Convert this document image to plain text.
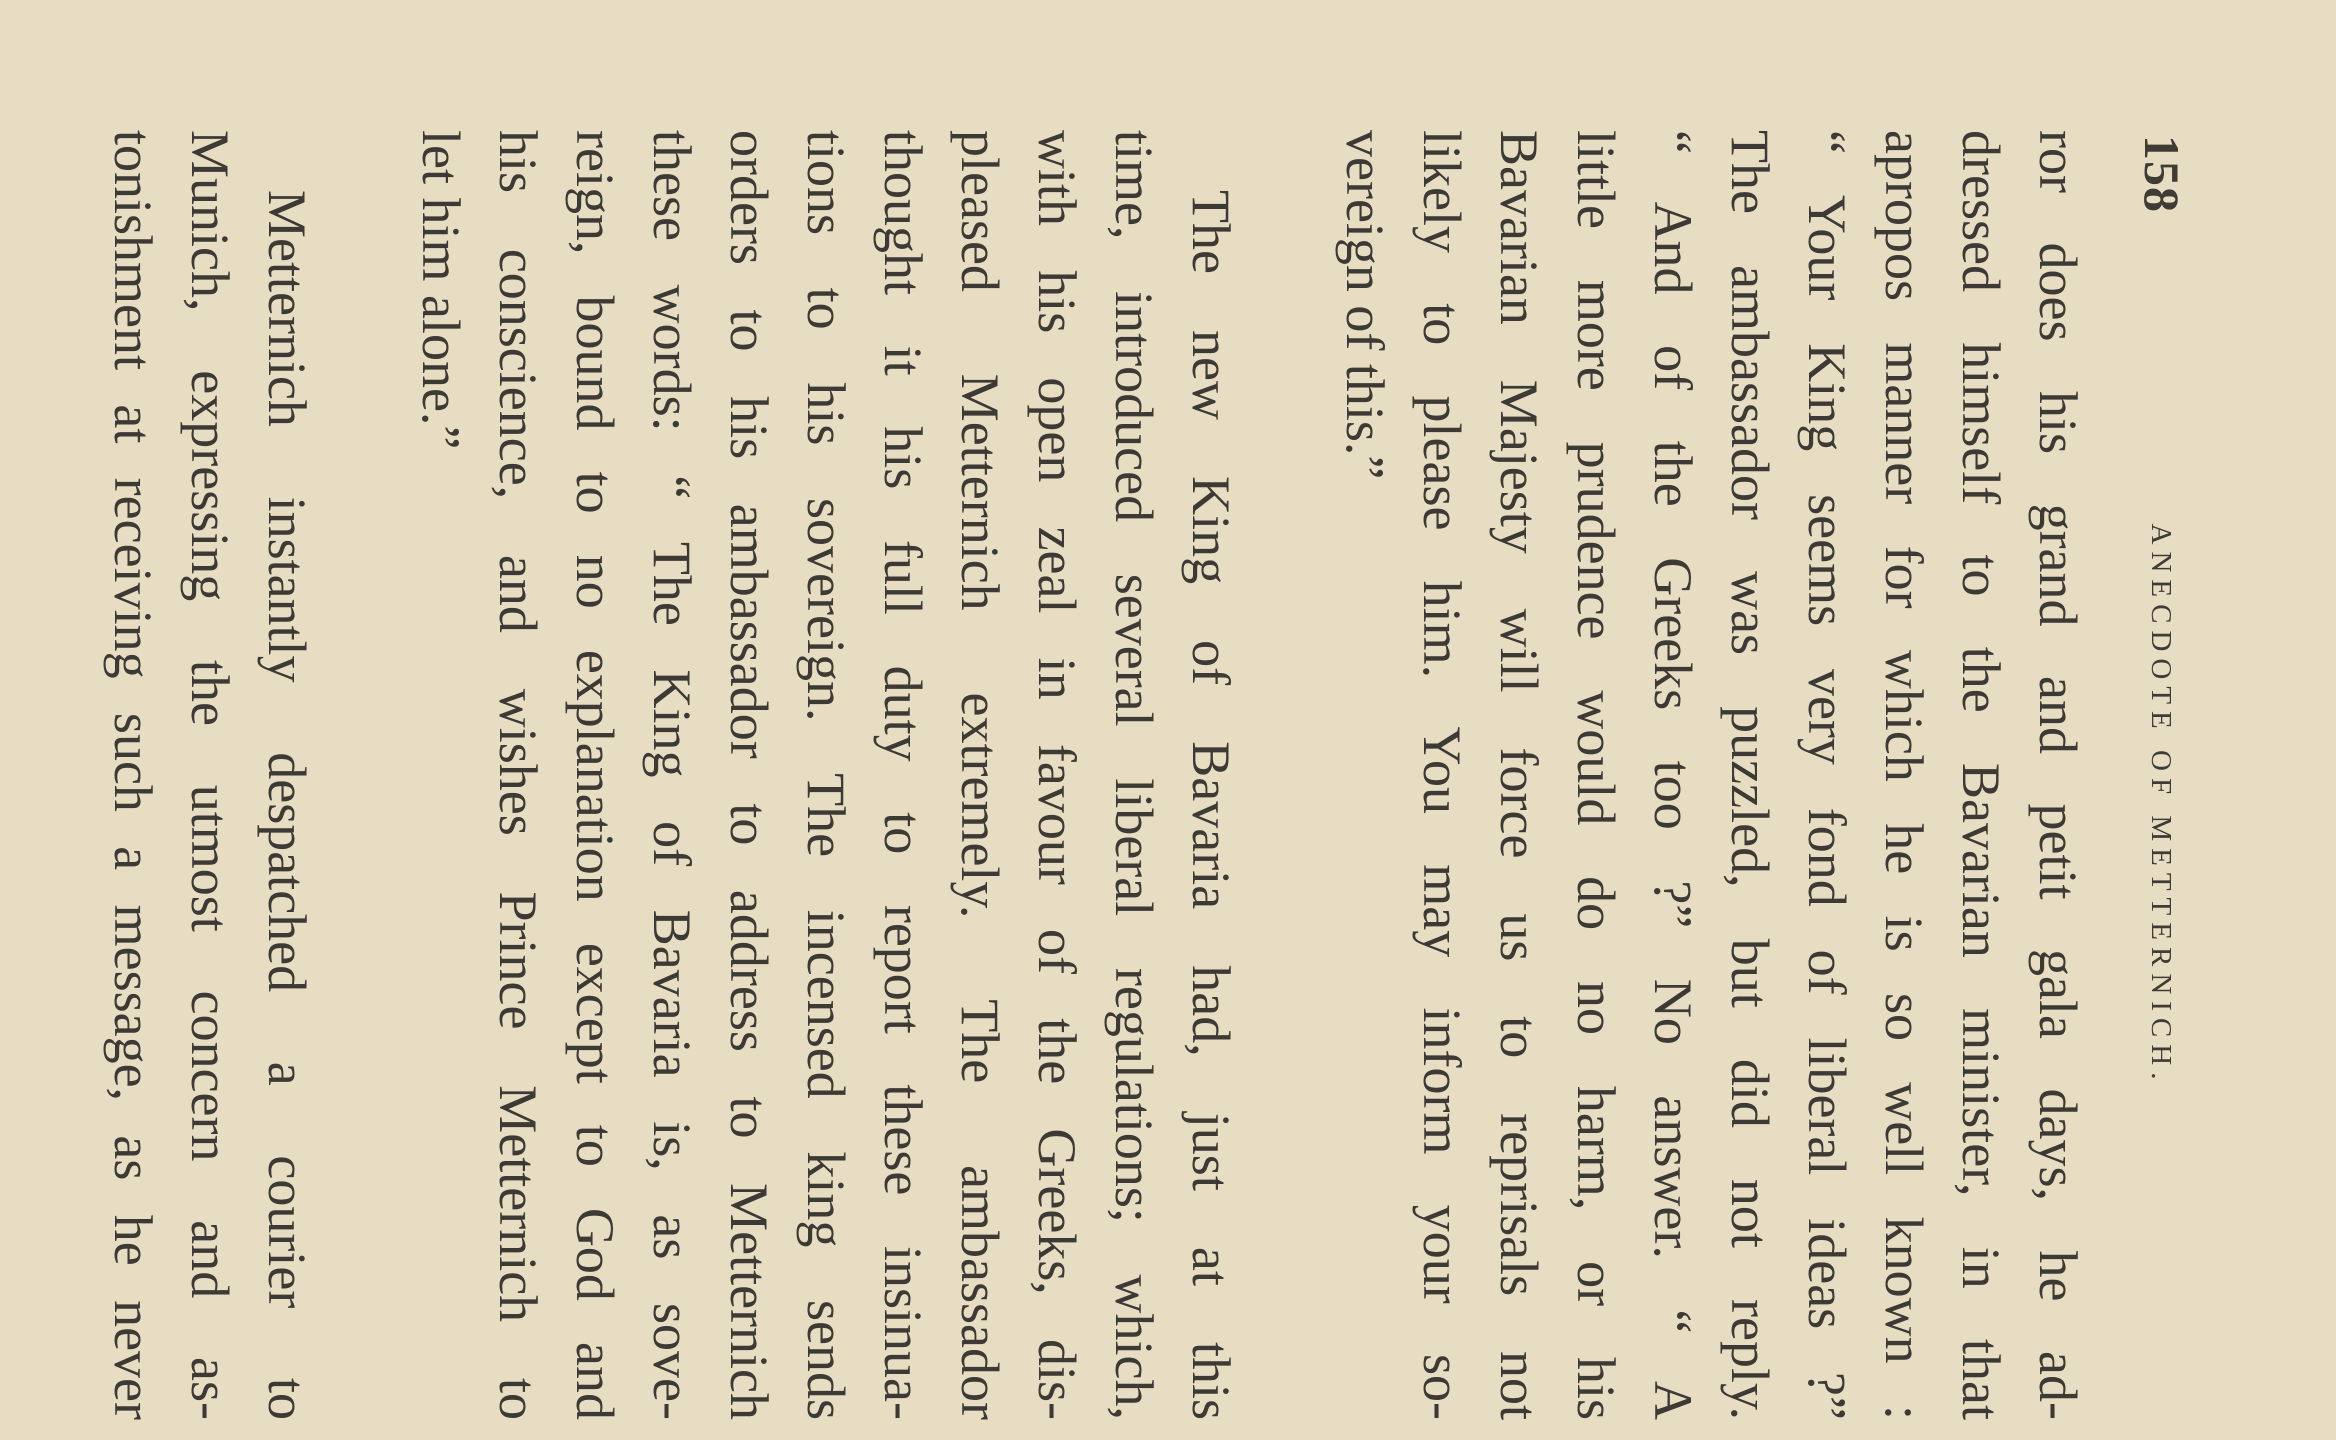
158
ANECDOTE OF METTERNICH.
ror does his grand and petit gala days, he ad-
dressed himself to the Bavarian minister, in that
apropos manner for which he is so well known :
“ Your King seems very fond of liberal ideas ?”
The ambassador was puzzled, but did not reply.
“ And of the Greeks too ?” No answer. “ A
little more prudence would do no harm, or his
Bavarian Majesty will force us to reprisals not
likely to please him. You may inform your so-
vereign of this.”
The new King of Bavaria had, just at this
time, introduced several liberal regulations; which,
with his open zeal in favour of the Greeks, dis-
pleased Metternich extremely. The ambassador
thought it his full duty to report these insinua-
tions to his sovereign. The incensed king sends
orders to his ambassador to address to Metternich
these words: “ The King of Bavaria is, as sove-
reign, bound to no explanation except to God and
his conscience, and wishes Prince Metternich to
let him alone.”
Metternich instantly despatched a courier to
Munich, expressing the utmost concern and as-
tonishment at receiving such a message, as he never
